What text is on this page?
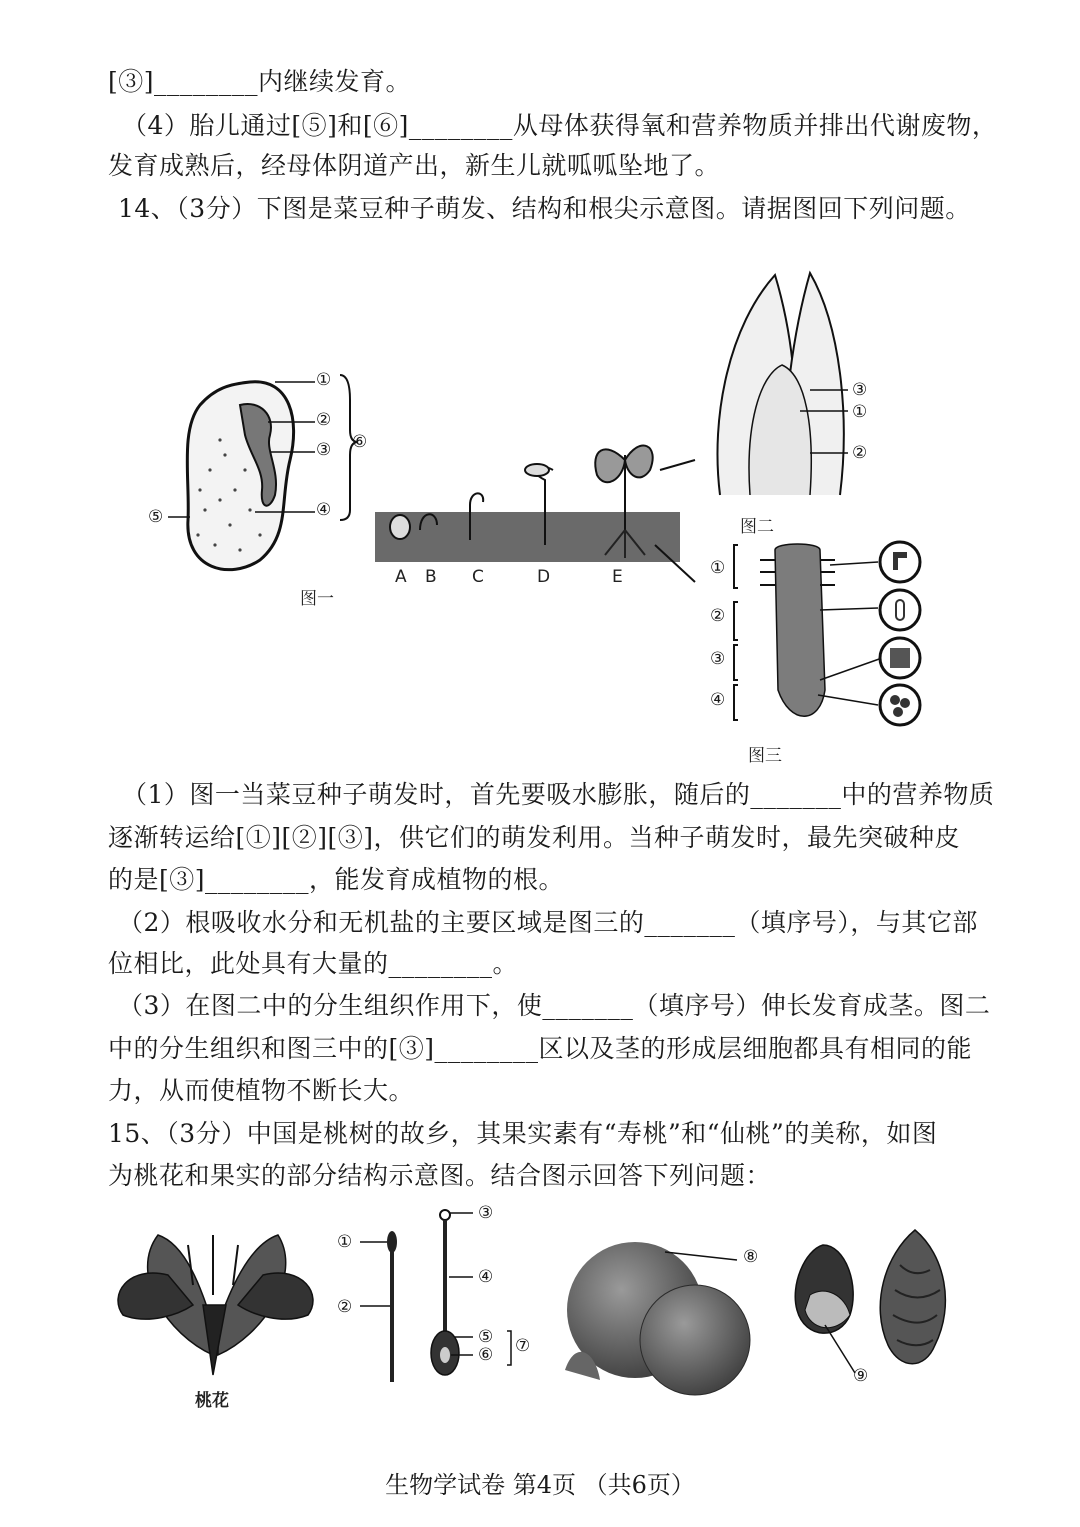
[③]________内继续发育。
（4）胎儿通过[⑤]和[⑥]________从母体获得氧和营养物质并排出代谢废物，
发育成熟后，经母体阴道产出，新生儿就呱呱坠地了。
14、（3分）下图是菜豆种子萌发、结构和根尖示意图。请据图回下列问题。
①
②
③
④
⑤
⑥
图一
A B C	D	E
③
①
②
图二
①
②
③
④
图三
（1）图一当菜豆种子萌发时，首先要吸水膨胀，随后的_______中的营养物质
逐渐转运给[①][②][③]，供它们的萌发利用。当种子萌发时，最先突破种皮
的是[③]________，能发育成植物的根。
（2）根吸收水分和无机盐的主要区域是图三的_______（填序号），与其它部
位相比，此处具有大量的________。
（3）在图二中的分生组织作用下，使_______（填序号）伸长发育成茎。图二
中的分生组织和图三中的[③]________区以及茎的形成层细胞都具有相同的能
力，从而使植物不断长大。
15、（3分）中国是桃树的故乡，其果实素有“寿桃”和“仙桃”的美称，如图
为桃花和果实的部分结构示意图。结合图示回答下列问题：
桃花
①
②
③
④
⑤
⑥ ⑦
⑧
⑨
生物学试卷 第4页 （共6页）
